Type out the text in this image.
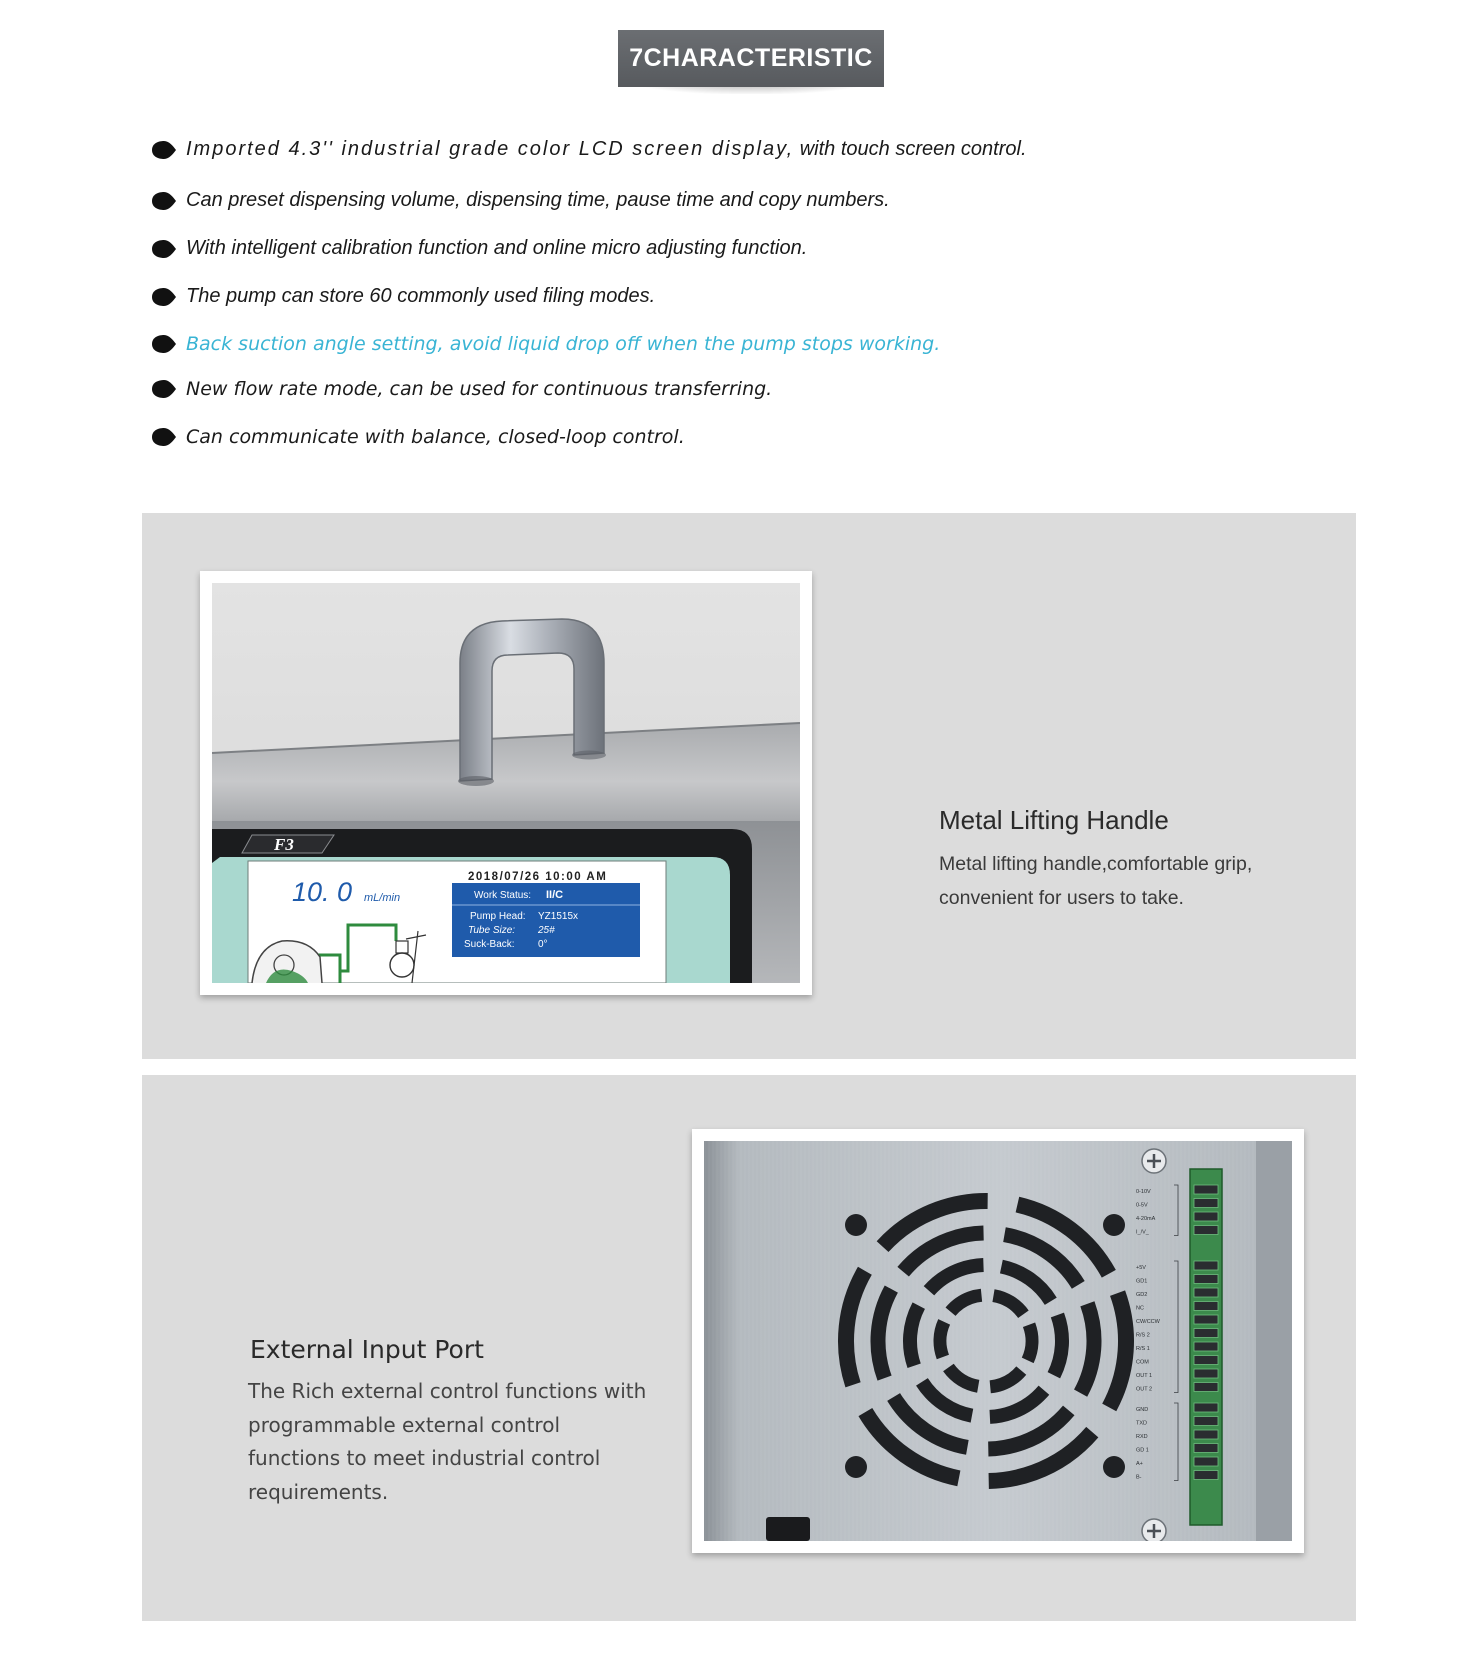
7CHARACTERISTIC
Imported 4.3'' industrial grade color LCD screen display, with touch screen control.
Can preset dispensing volume, dispensing time, pause time and copy numbers.
With intelligent calibration function and online micro adjusting function.
The pump can store 60 commonly used filing modes.
Back suction angle setting, avoid liquid drop off when the pump stops working.
New flow rate mode, can be used for continuous transferring.
Can communicate with balance, closed-loop control.
F3
2018/07/26 10:00 AM
10. 0 mL/min	Work Status: II/C
Pump Head: YZ1515x
Tube Size: 25#
Suck-Back: 0°
Metal Lifting Handle
Metal lifting handle,comfortable grip, convenient for users to take.
External Input Port
The Rich external control functions with programmable external control functions to meet industrial control requirements.
0-10V
0-5V
4-20mA
I_/V_
+5V
GD1
GD2
NC
CW/CCW
R/S 2
R/S 1
COM
OUT 1
OUT 2
GND
TXD
RXD
GD 1
A+
B-
